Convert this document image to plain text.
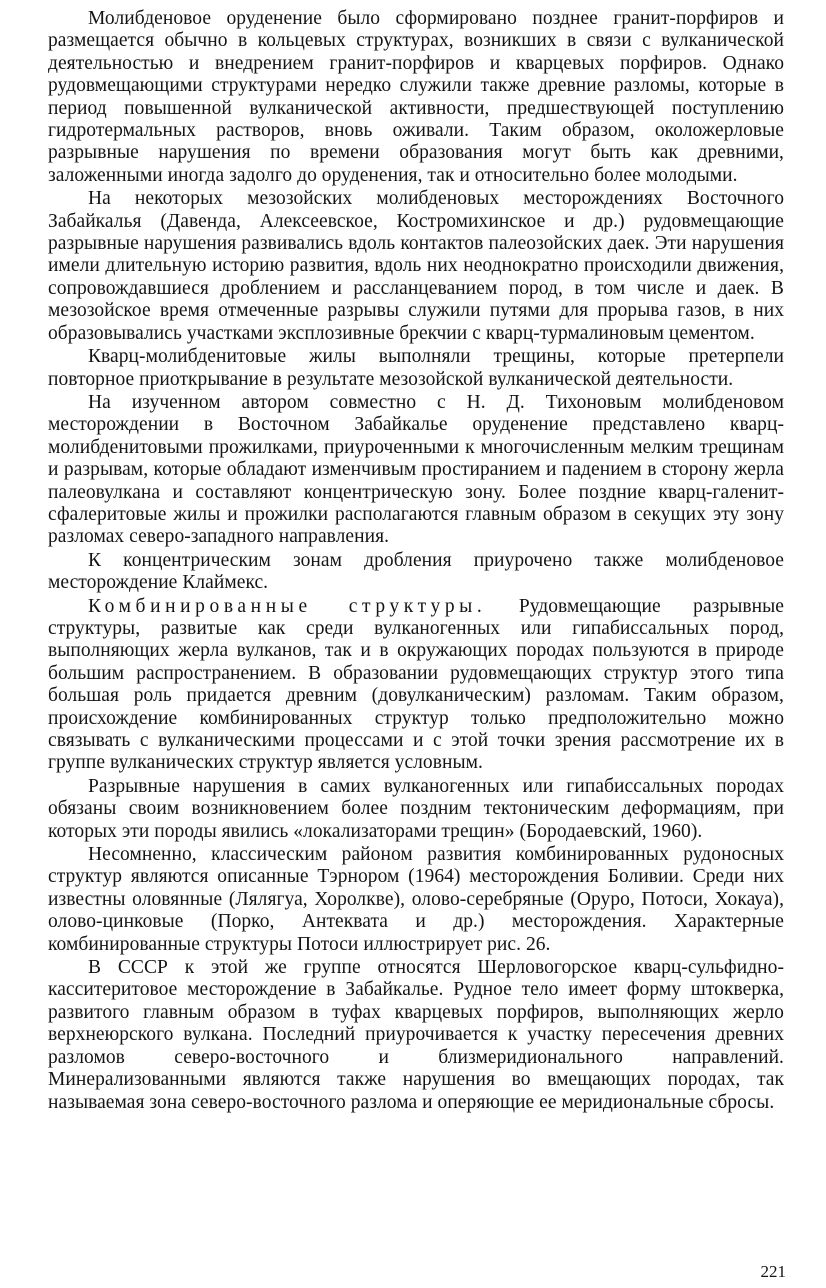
Молибденовое оруденение было сформировано позднее гранит-порфиров и размещается обычно в кольцевых структурах, возникших в связи с вулканической деятельностью и внедрением гранит-порфиров и кварцевых порфиров. Однако рудовмещающими структурами нередко служили также древние разломы, которые в период повышенной вулканической активности, предшествующей поступлению гидротермальных растворов, вновь оживали. Таким образом, околожерловые разрывные нарушения по времени образования могут быть как древними, заложенными иногда задолго до оруденения, так и относительно более молодыми.

На некоторых мезозойских молибденовых месторождениях Восточного Забайкалья (Давенда, Алексеевское, Костромихинское и др.) рудовмещающие разрывные нарушения развивались вдоль контактов палеозойских даек. Эти нарушения имели длительную историю развития, вдоль них неоднократно происходили движения, сопровождавшиеся дроблением и рассланцеванием пород, в том числе и даек. В мезозойское время отмеченные разрывы служили путями для прорыва газов, в них образовывались участками эксплозивные брекчии с кварц-турмалиновым цементом.

Кварц-молибденитовые жилы выполняли трещины, которые претерпели повторное приоткрывание в результате мезозойской вулканической деятельности.

На изученном автором совместно с Н. Д. Тихоновым молибденовом месторождении в Восточном Забайкалье оруденение представлено кварц-молибденитовыми прожилками, приуроченными к многочисленным мелким трещинам и разрывам, которые обладают изменчивым простиранием и падением в сторону жерла палеовулкана и составляют концентрическую зону. Более поздние кварц-галенит-сфалеритовые жилы и прожилки располагаются главным образом в секущих эту зону разломах северо-западного направления.

К концентрическим зонам дробления приурочено также молибденовое месторождение Клаймекс.

Комбинированные структуры. Рудовмещающие разрывные структуры, развитые как среди вулканогенных или гипабиссальных пород, выполняющих жерла вулканов, так и в окружающих породах пользуются в природе большим распространением. В образовании рудовмещающих структур этого типа большая роль придается древним (довулканическим) разломам. Таким образом, происхождение комбинированных структур только предположительно можно связывать с вулканическими процессами и с этой точки зрения рассмотрение их в группе вулканических структур является условным.

Разрывные нарушения в самих вулканогенных или гипабиссальных породах обязаны своим возникновением более поздним тектоническим деформациям, при которых эти породы явились «локализаторами трещин» (Бородаевский, 1960).

Несомненно, классическим районом развития комбинированных рудоносных структур являются описанные Тэрнором (1964) месторождения Боливии. Среди них известны оловянные (Лялягуа, Хоролкве), олово-серебряные (Оруро, Потоси, Хокауа), олово-цинковые (Порко, Антеквата и др.) месторождения. Характерные комбинированные структуры Потоси иллюстрирует рис. 26.

В СССР к этой же группе относятся Шерловогорское кварц-сульфидно-касситеритовое месторождение в Забайкалье. Рудное тело имеет форму штокверка, развитого главным образом в туфах кварцевых порфиров, выполняющих жерло верхнеюрского вулкана. Последний приурочивается к участку пересечения древних разломов северо-восточного и близмеридионального направлений. Минерализованными являются также нарушения во вмещающих породах, так называемая зона северо-восточного разлома и оперяющие ее меридиональные сбросы.

221
